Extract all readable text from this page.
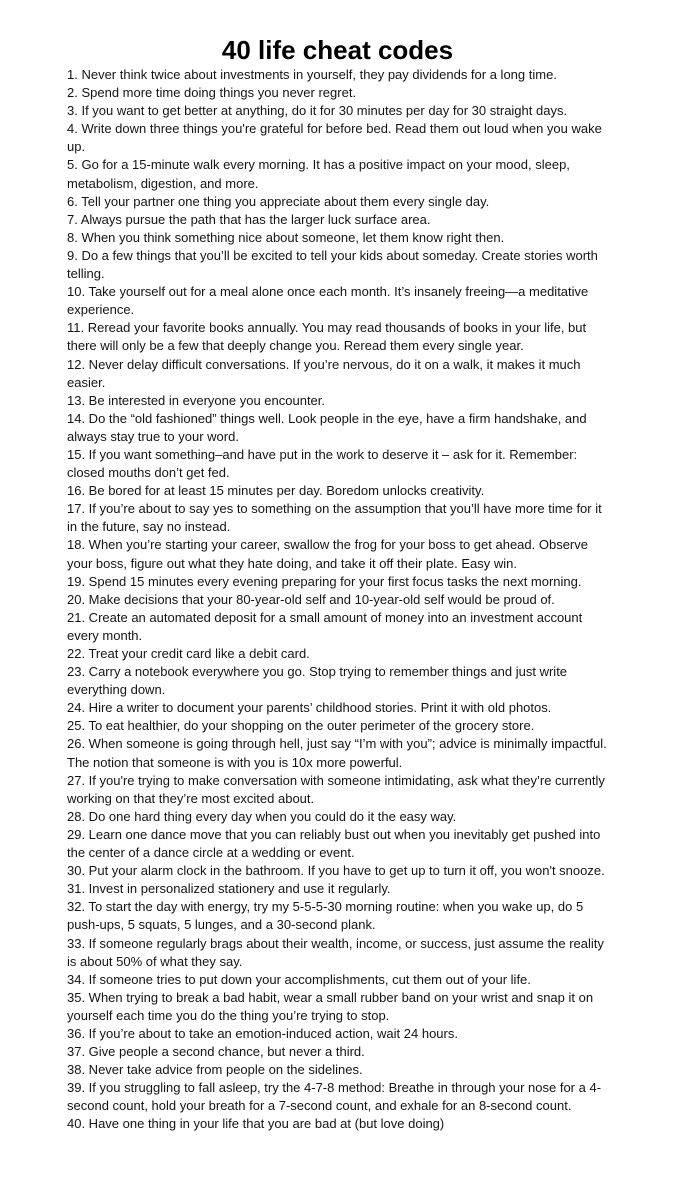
40 life cheat codes
1. Never think twice about investments in yourself, they pay dividends for a long time.
2. Spend more time doing things you never regret.
3. If you want to get better at anything, do it for 30 minutes per day for 30 straight days.
4. Write down three things you're grateful for before bed. Read them out loud when you wake up.
5. Go for a 15-minute walk every morning. It has a positive impact on your mood, sleep, metabolism, digestion, and more.
6. Tell your partner one thing you appreciate about them every single day.
7. Always pursue the path that has the larger luck surface area.
8. When you think something nice about someone, let them know right then.
9. Do a few things that you’ll be excited to tell your kids about someday. Create stories worth telling.
10. Take yourself out for a meal alone once each month. It’s insanely freeing—a meditative experience.
11. Reread your favorite books annually. You may read thousands of books in your life, but there will only be a few that deeply change you. Reread them every single year.
12. Never delay difficult conversations. If you’re nervous, do it on a walk, it makes it much easier.
13. Be interested in everyone you encounter.
14. Do the “old fashioned” things well. Look people in the eye, have a firm handshake, and always stay true to your word.
15. If you want something–and have put in the work to deserve it – ask for it. Remember: closed mouths don’t get fed.
16. Be bored for at least 15 minutes per day. Boredom unlocks creativity.
17. If you’re about to say yes to something on the assumption that you’ll have more time for it in the future, say no instead.
18. When you’re starting your career, swallow the frog for your boss to get ahead. Observe your boss, figure out what they hate doing, and take it off their plate. Easy win.
19. Spend 15 minutes every evening preparing for your first focus tasks the next morning.
20. Make decisions that your 80-year-old self and 10-year-old self would be proud of.
21. Create an automated deposit for a small amount of money into an investment account every month.
22. Treat your credit card like a debit card.
23. Carry a notebook everywhere you go. Stop trying to remember things and just write everything down.
24. Hire a writer to document your parents’ childhood stories. Print it with old photos.
25. To eat healthier, do your shopping on the outer perimeter of the grocery store.
26. When someone is going through hell, just say “I’m with you”; advice is minimally impactful. The notion that someone is with you is 10x more powerful.
27. If you're trying to make conversation with someone intimidating, ask what they’re currently working on that they’re most excited about.
28. Do one hard thing every day when you could do it the easy way.
29. Learn one dance move that you can reliably bust out when you inevitably get pushed into the center of a dance circle at a wedding or event.
30. Put your alarm clock in the bathroom. If you have to get up to turn it off, you won't snooze.
31. Invest in personalized stationery and use it regularly.
32. To start the day with energy, try my 5-5-5-30 morning routine: when you wake up, do 5 push-ups, 5 squats, 5 lunges, and a 30-second plank.
33. If someone regularly brags about their wealth, income, or success, just assume the reality is about 50% of what they say.
34. If someone tries to put down your accomplishments, cut them out of your life.
35. When trying to break a bad habit, wear a small rubber band on your wrist and snap it on yourself each time you do the thing you’re trying to stop.
36. If you’re about to take an emotion-induced action, wait 24 hours.
37. Give people a second chance, but never a third.
38. Never take advice from people on the sidelines.
39. If you struggling to fall asleep, try the 4-7-8 method: Breathe in through your nose for a 4-second count, hold your breath for a 7-second count, and exhale for an 8-second count.
40. Have one thing in your life that you are bad at (but love doing)
